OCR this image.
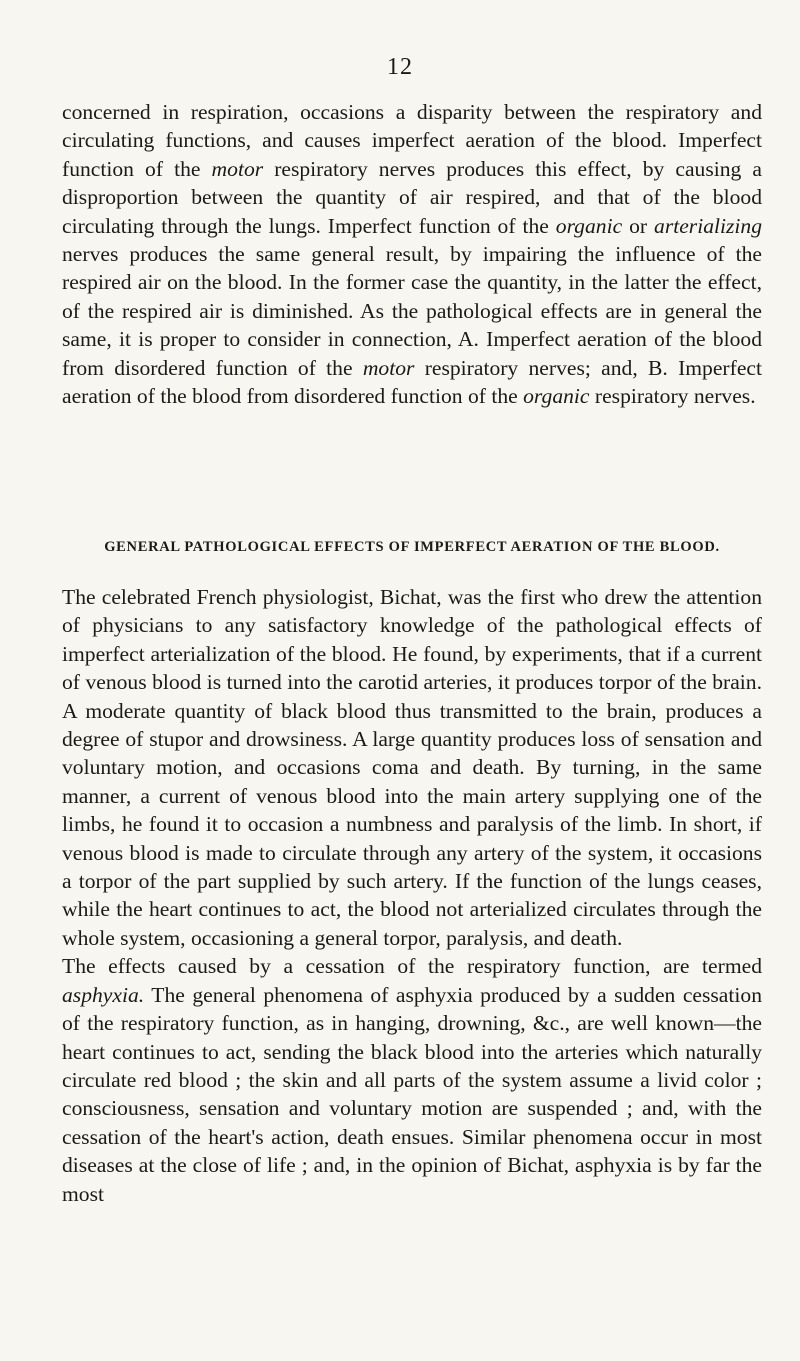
12

concerned in respiration, occasions a disparity between the respiratory and circulating functions, and causes imperfect aeration of the blood. Imperfect function of the motor respiratory nerves produces this effect, by causing a disproportion between the quantity of air respired, and that of the blood circulating through the lungs. Imperfect function of the organic or arterializing nerves produces the same general result, by impairing the influence of the respired air on the blood. In the former case the quantity, in the latter the effect, of the respired air is diminished. As the pathological effects are in general the same, it is proper to consider in connection, A. Imperfect aeration of the blood from disordered function of the motor respiratory nerves; and, B. Imperfect aeration of the blood from disordered function of the organic respiratory nerves.

GENERAL PATHOLOGICAL EFFECTS OF IMPERFECT AERATION OF THE BLOOD.

The celebrated French physiologist, Bichat, was the first who drew the attention of physicians to any satisfactory knowledge of the pathological effects of imperfect arterialization of the blood. He found, by experiments, that if a current of venous blood is turned into the carotid arteries, it produces torpor of the brain. A moderate quantity of black blood thus transmitted to the brain, produces a degree of stupor and drowsiness. A large quantity produces loss of sensation and voluntary motion, and occasions coma and death. By turning, in the same manner, a current of venous blood into the main artery supplying one of the limbs, he found it to occasion a numbness and paralysis of the limb. In short, if venous blood is made to circulate through any artery of the system, it occasions a torpor of the part supplied by such artery. If the function of the lungs ceases, while the heart continues to act, the blood not arterialized circulates through the whole system, occasioning a general torpor, paralysis, and death.

The effects caused by a cessation of the respiratory function, are termed asphyxia. The general phenomena of asphyxia produced by a sudden cessation of the respiratory function, as in hanging, drowning, &c., are well known—the heart continues to act, sending the black blood into the arteries which naturally circulate red blood ; the skin and all parts of the system assume a livid color ; consciousness, sensation and voluntary motion are suspended ; and, with the cessation of the heart's action, death ensues. Similar phenomena occur in most diseases at the close of life ; and, in the opinion of Bichat, asphyxia is by far the most
